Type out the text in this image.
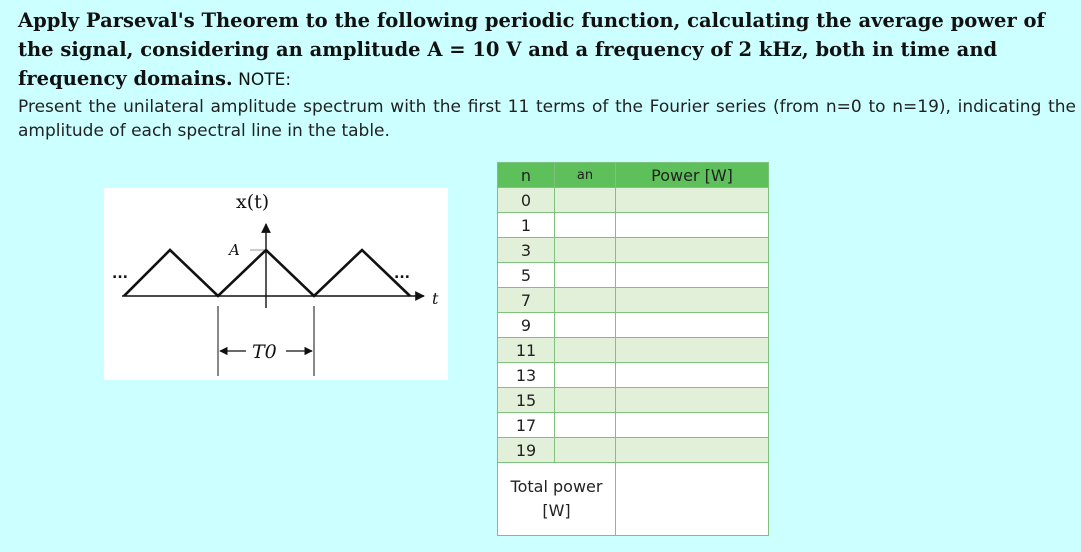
Apply Parseval's Theorem to the following periodic function, calculating the average power of the signal, considering an amplitude A = 10 V and a frequency of 2 kHz, both in time and frequency domains. NOTE:

Present the unilateral amplitude spectrum with the first 11 terms of the Fourier series (from n=0 to n=19), indicating the amplitude of each spectral line in the table.

x(t)
A
t
T0
...	...
n	an	Power [W]
0		
1		
3		
5		
7		
9		
11		
13		
15		
17		
19		
Total power [W]		
